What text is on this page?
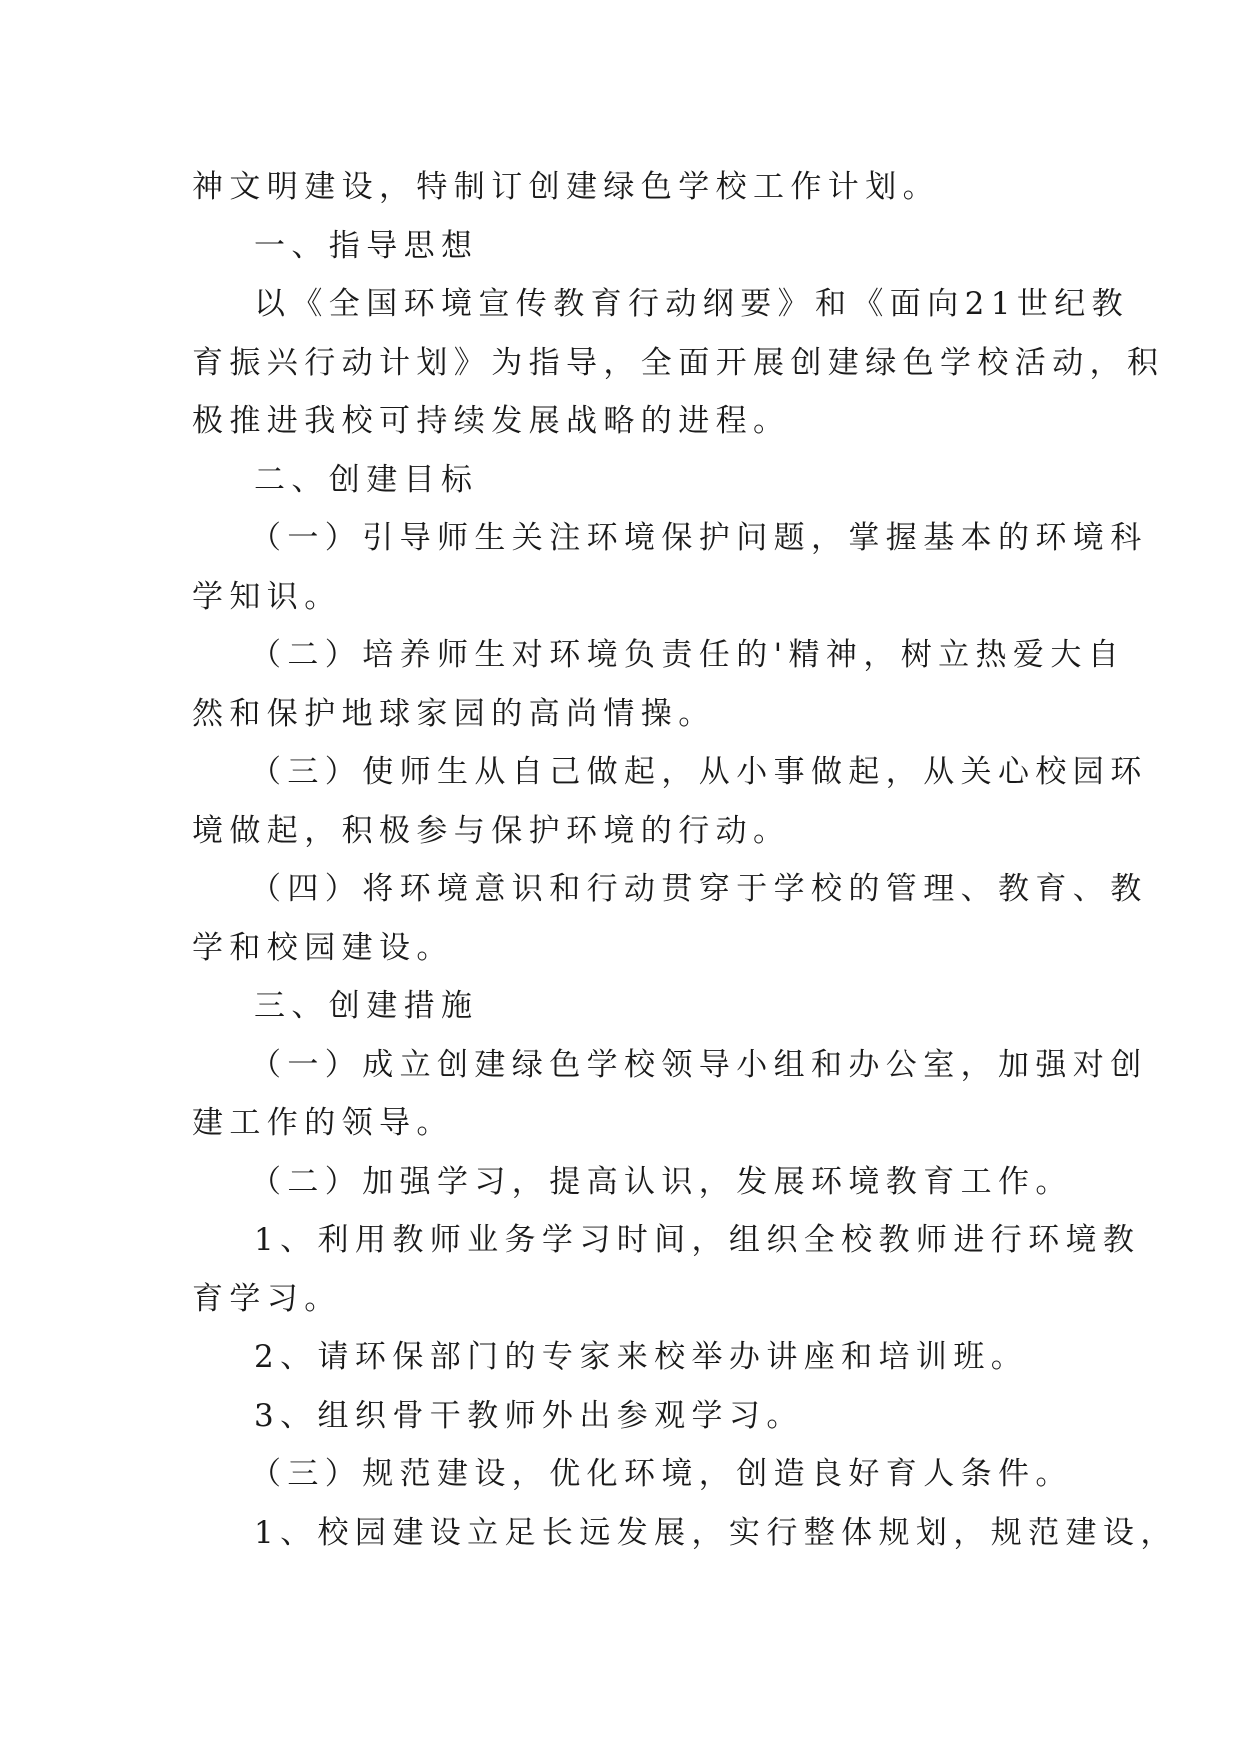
神文明建设，特制订创建绿色学校工作计划。
一、指导思想
以《全国环境宣传教育行动纲要》和《面向21世纪教
育振兴行动计划》为指导，全面开展创建绿色学校活动，积
极推进我校可持续发展战略的进程。
二、创建目标
（一）引导师生关注环境保护问题，掌握基本的环境科
学知识。
（二）培养师生对环境负责任的'精神，树立热爱大自
然和保护地球家园的高尚情操。
（三）使师生从自己做起，从小事做起，从关心校园环
境做起，积极参与保护环境的行动。
（四）将环境意识和行动贯穿于学校的管理、教育、教
学和校园建设。
三、创建措施
（一）成立创建绿色学校领导小组和办公室，加强对创
建工作的领导。
（二）加强学习，提高认识，发展环境教育工作。
1、利用教师业务学习时间，组织全校教师进行环境教
育学习。
2、请环保部门的专家来校举办讲座和培训班。
3、组织骨干教师外出参观学习。
（三）规范建设，优化环境，创造良好育人条件。
1、校园建设立足长远发展，实行整体规划，规范建设，
